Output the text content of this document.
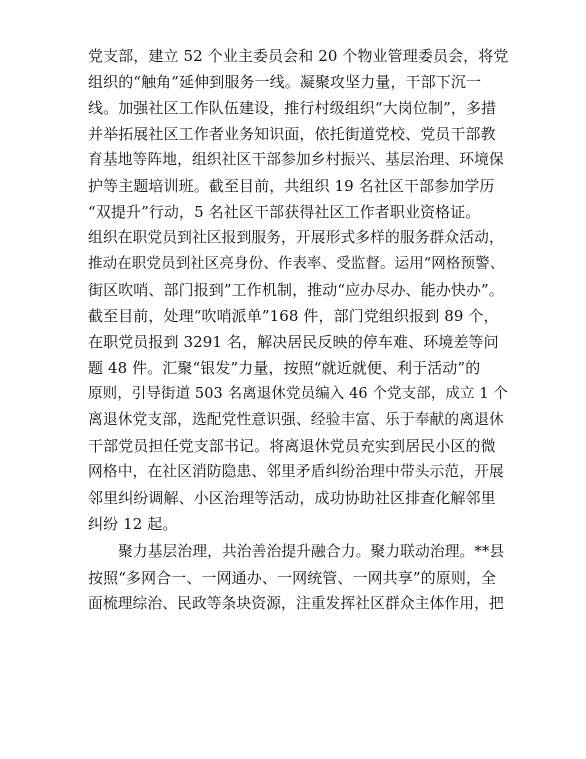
党支部，建立 52 个业主委员会和 20 个物业管理委员会，将党
组织的“触角”延伸到服务一线。凝聚攻坚力量，干部下沉一
线。加强社区工作队伍建设，推行村级组织“大岗位制”，多措
并举拓展社区工作者业务知识面，依托街道党校、党员干部教
育基地等阵地，组织社区干部参加乡村振兴、基层治理、环境保
护等主题培训班。截至目前，共组织 19 名社区干部参加学历
“双提升”行动，5 名社区干部获得社区工作者职业资格证。
组织在职党员到社区报到服务，开展形式多样的服务群众活动，
推动在职党员到社区亮身份、作表率、受监督。运用“网格预警、
街区吹哨、部门报到”工作机制，推动“应办尽办、能办快办”。
截至目前，处理“吹哨派单”168 件，部门党组织报到 89 个，
在职党员报到 3291 名，解决居民反映的停车难、环境差等问
题 48 件。汇聚“银发”力量，按照“就近就便、利于活动”的
原则，引导街道 503 名离退休党员编入 46 个党支部，成立 1 个
离退休党支部，选配党性意识强、经验丰富、乐于奉献的离退休
干部党员担任党支部书记。将离退休党员充实到居民小区的微
网格中，在社区消防隐患、邻里矛盾纠纷治理中带头示范，开展
邻里纠纷调解、小区治理等活动，成功协助社区排查化解邻里
纠纷 12 起。
聚力基层治理，共治善治提升融合力。聚力联动治理。**县
按照“多网合一、一网通办、一网统管、一网共享”的原则，全
面梳理综治、民政等条块资源，注重发挥社区群众主体作用，把
